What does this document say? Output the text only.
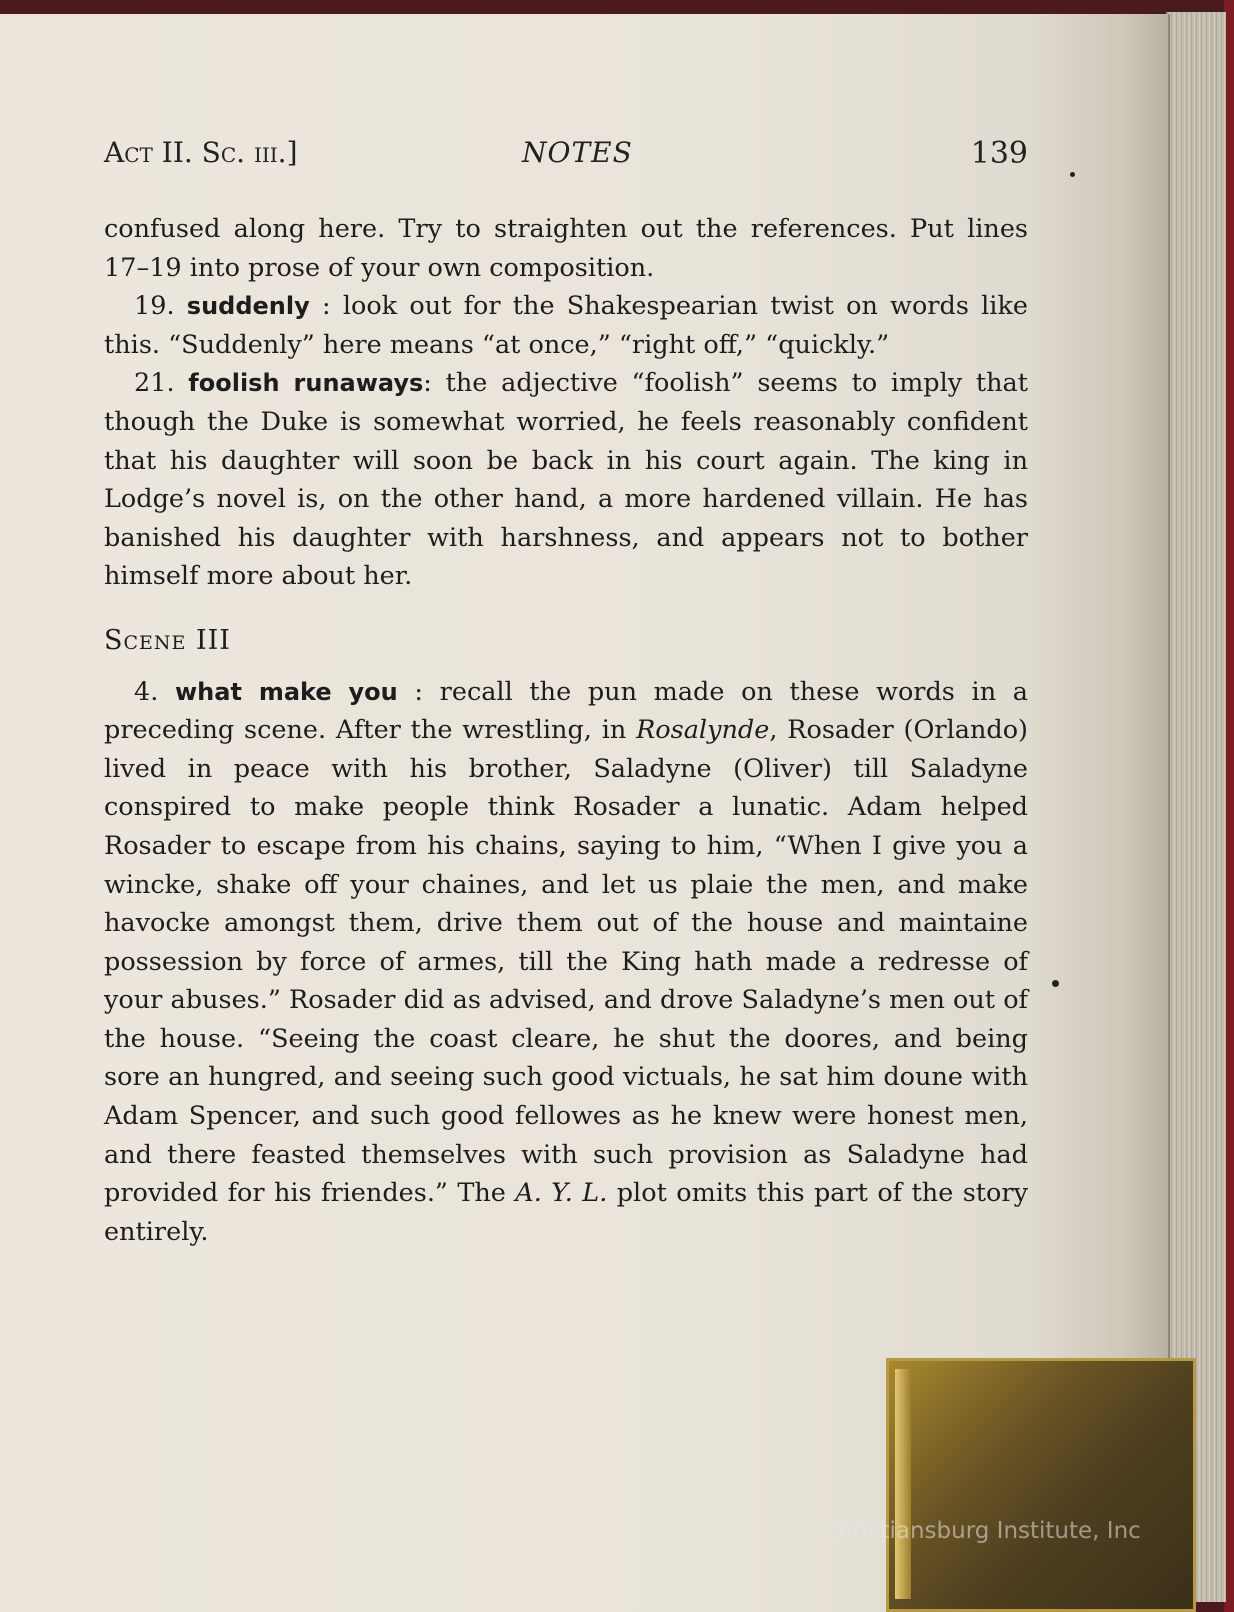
Act II. Sc. iii.]	NOTES	139

confused along here. Try to straighten out the references. Put lines 17–19 into prose of your own composition.

19. suddenly : look out for the Shakespearian twist on words like this. “Suddenly” here means “at once,” “right off,” “quickly.”

21. foolish runaways: the adjective “foolish” seems to imply that though the Duke is somewhat worried, he feels reasonably confident that his daughter will soon be back in his court again. The king in Lodge’s novel is, on the other hand, a more hardened villain. He has banished his daughter with harshness, and appears not to bother himself more about her.

Scene III

4. what make you : recall the pun made on these words in a preceding scene. After the wrestling, in Rosalynde, Rosader (Orlando) lived in peace with his brother, Saladyne (Oliver) till Saladyne conspired to make people think Rosader a lunatic. Adam helped Rosader to escape from his chains, saying to him, “When I give you a wincke, shake off your chaines, and let us plaie the men, and make havocke amongst them, drive them out of the house and maintaine possession by force of armes, till the King hath made a redresse of your abuses.” Rosader did as advised, and drove Saladyne’s men out of the house. “Seeing the coast cleare, he shut the doores, and being sore an hungred, and seeing such good victuals, he sat him doune with Adam Spencer, and such good fellowes as he knew were honest men, and there feasted themselves with such provision as Saladyne had provided for his friendes.” The A. Y. L. plot omits this part of the story entirely.

Christiansburg Institute, Inc
